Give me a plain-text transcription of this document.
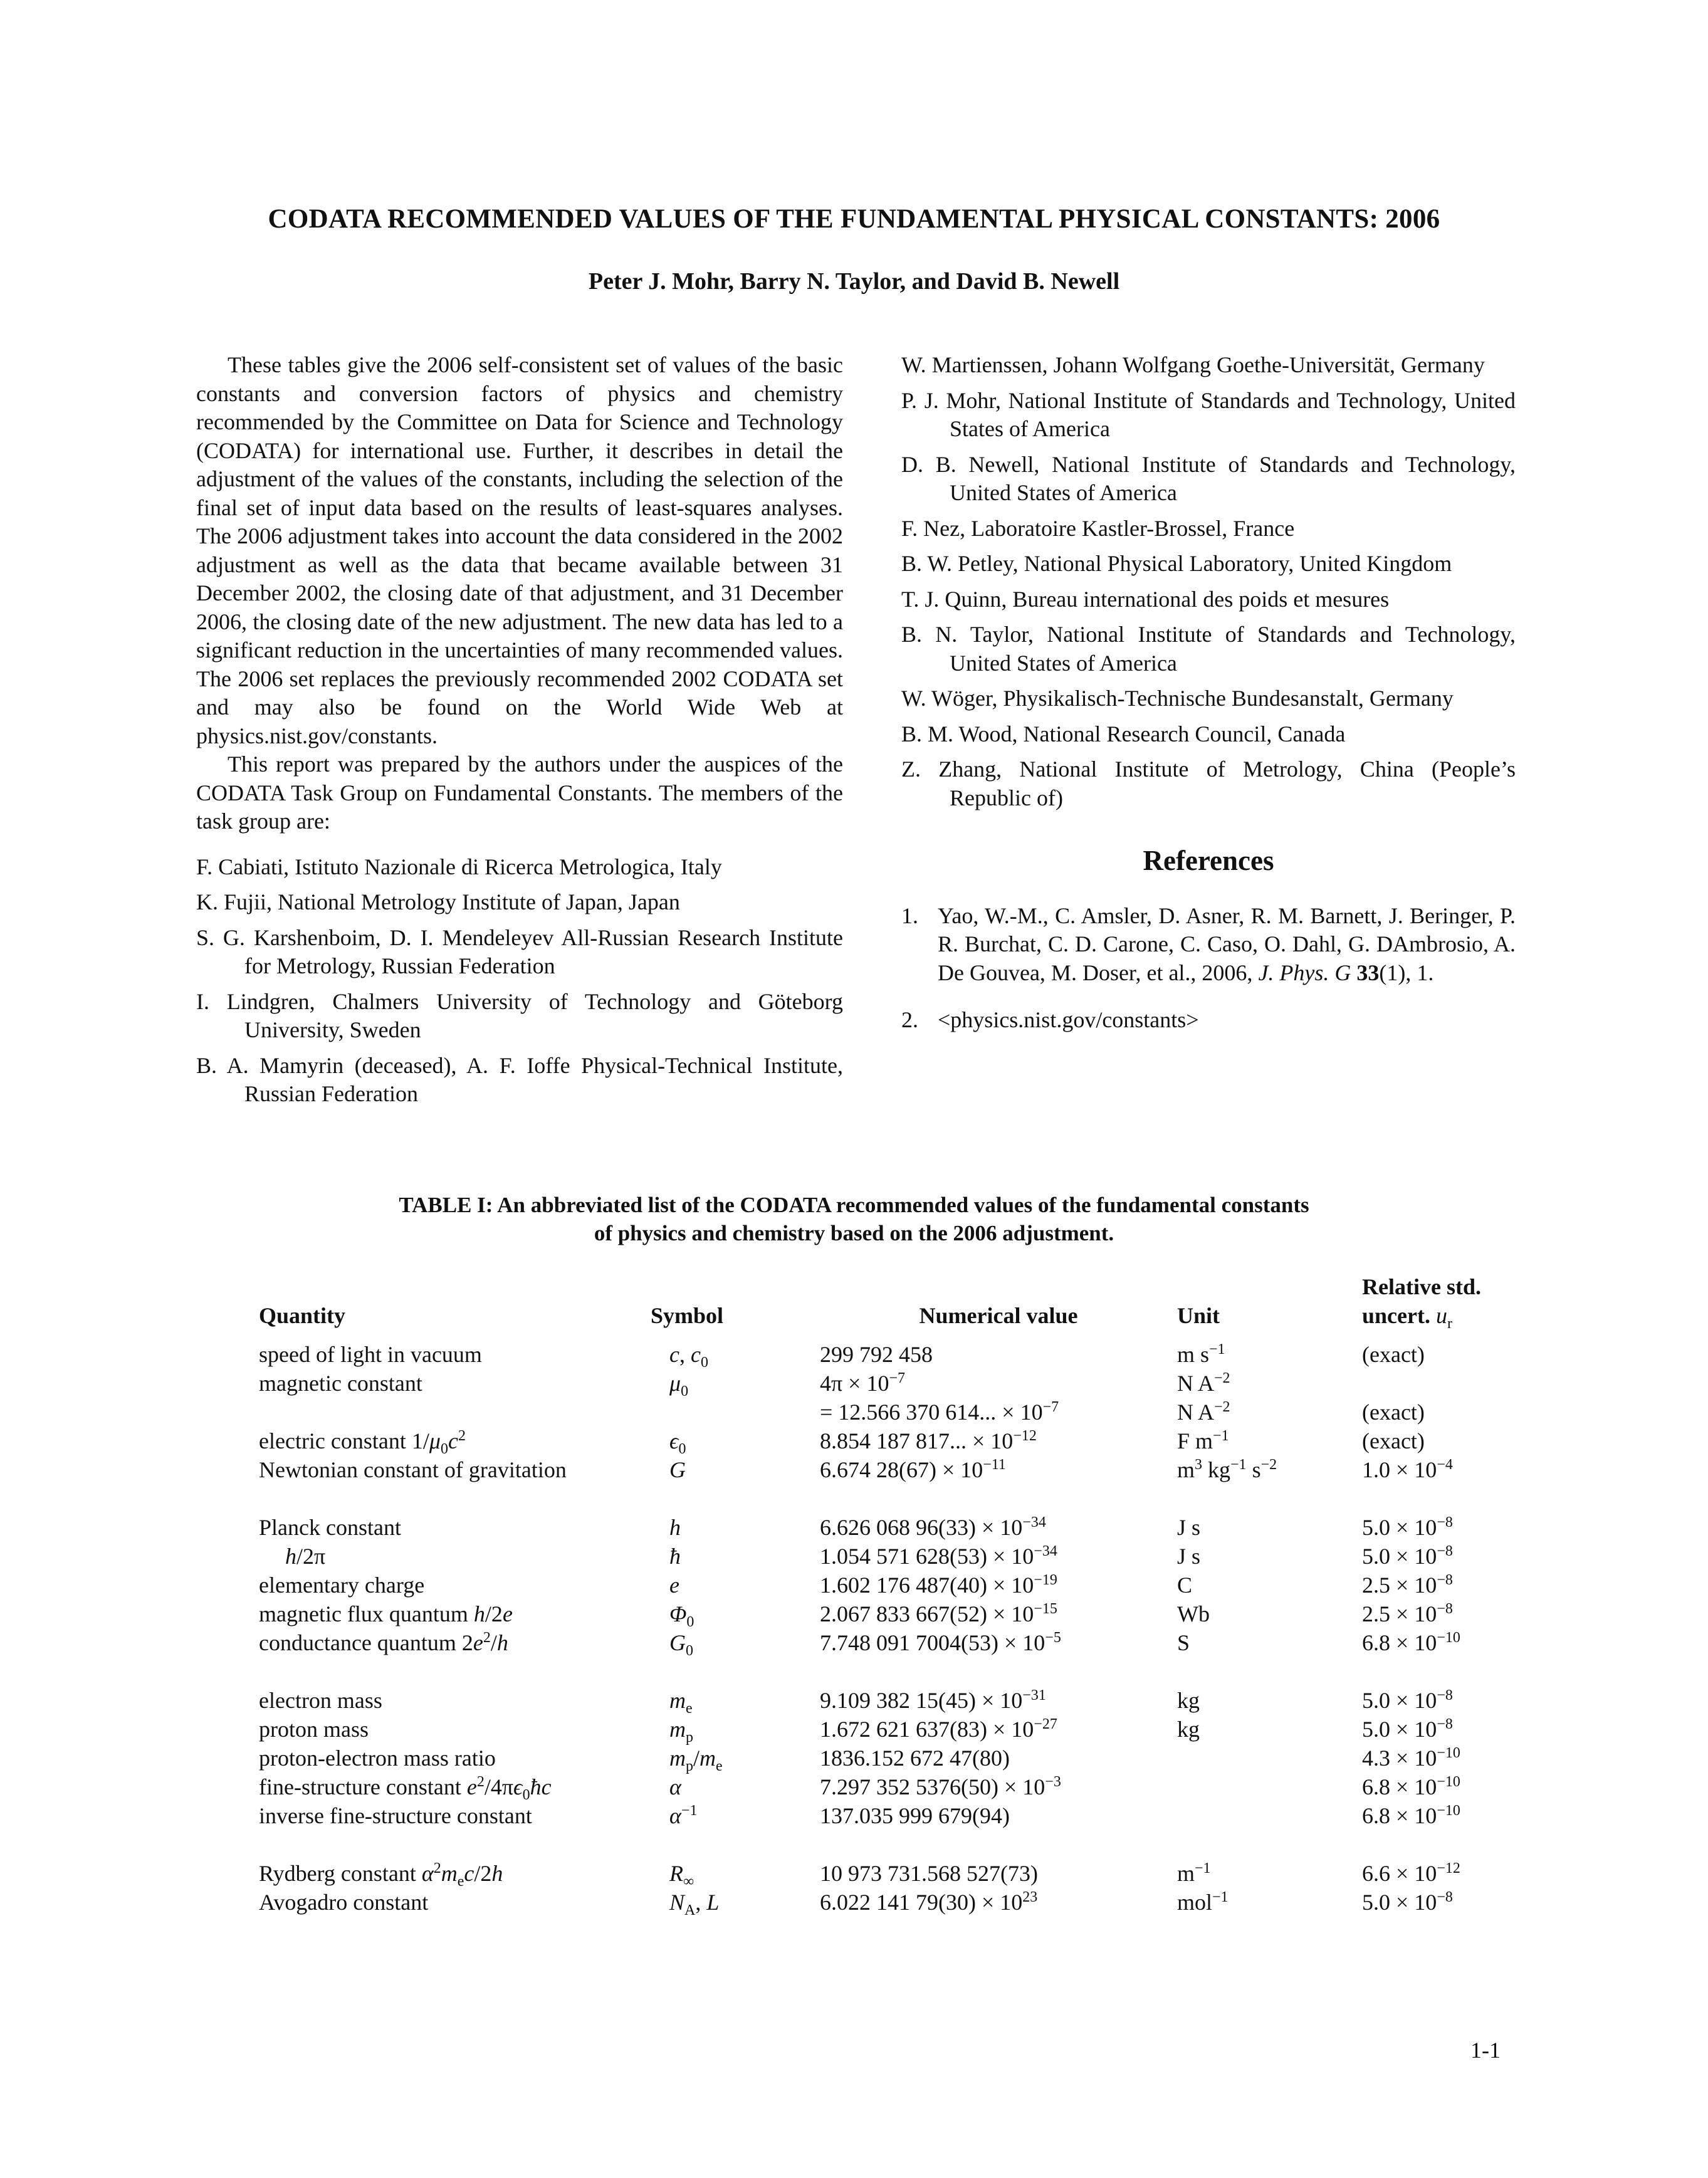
CODATA RECOMMENDED VALUES OF THE FUNDAMENTAL PHYSICAL CONSTANTS: 2006
Peter J. Mohr, Barry N. Taylor, and David B. Newell

These tables give the 2006 self-consistent set of values of the basic constants and conversion factors of physics and chemistry recommended by the Committee on Data for Science and Technology (CODATA) for international use. Further, it describes in detail the adjustment of the values of the constants, including the selection of the final set of input data based on the results of least-squares analyses. The 2006 adjustment takes into account the data considered in the 2002 adjustment as well as the data that became available between 31 December 2002, the closing date of that adjustment, and 31 December 2006, the closing date of the new adjustment. The new data has led to a significant reduction in the uncertainties of many recommended values. The 2006 set replaces the previously recommended 2002 CODATA set and may also be found on the World Wide Web at physics.nist.gov/constants.

This report was prepared by the authors under the auspices of the CODATA Task Group on Fundamental Constants. The members of the task group are:

F. Cabiati, Istituto Nazionale di Ricerca Metrologica, Italy
K. Fujii, National Metrology Institute of Japan, Japan
S. G. Karshenboim, D. I. Mendeleyev All-Russian Research Institute for Metrology, Russian Federation
I. Lindgren, Chalmers University of Technology and Göteborg University, Sweden
B. A. Mamyrin (deceased), A. F. Ioffe Physical-Technical Institute, Russian Federation
W. Martienssen, Johann Wolfgang Goethe-Universität, Germany
P. J. Mohr, National Institute of Standards and Technology, United States of America
D. B. Newell, National Institute of Standards and Technology, United States of America
F. Nez, Laboratoire Kastler-Brossel, France
B. W. Petley, National Physical Laboratory, United Kingdom
T. J. Quinn, Bureau international des poids et mesures
B. N. Taylor, National Institute of Standards and Technology, United States of America
W. Wöger, Physikalisch-Technische Bundesanstalt, Germany
B. M. Wood, National Research Council, Canada
Z. Zhang, National Institute of Metrology, China (People’s Republic of)
References
1. Yao, W.-M., C. Amsler, D. Asner, R. M. Barnett, J. Beringer, P. R. Burchat, C. D. Carone, C. Caso, O. Dahl, G. DAmbrosio, A. De Gouvea, M. Doser, et al., 2006, J. Phys. G 33(1), 1.
2. <physics.nist.gov/constants>
TABLE I: An abbreviated list of the CODATA recommended values of the fundamental constants
of physics and chemistry based on the 2006 adjustment.
Quantity	Symbol	Numerical value	Unit	Relative std.
uncert. $u_r$

speed of light in vacuum	c, $c_0$	299 792 458	m $s^{-1}$	(exact)
magnetic constant	$\mu_0$	$4\pi \times 10^{-7}$	N $A^{-2}$	
		= 12.566 370 614... × $10^{-7}$	N $A^{-2}$	(exact)
electric constant $1/\mu_0c^2$	$\epsilon_0$	8.854 187 817... × $10^{-12}$	F $m^{-1}$	(exact)
Newtonian constant of gravitation	G	6.674 $28(67) \times 10^{-11}$	$m^3$ $kg^{-1}$ $s^{-2}$	$1.0 \times 10^{-4}$
Planck constant	h	6.626 068 $96(33) \times 10^{-34}$	J s	$5.0 \times 10^{-8}$
h/2π	ħ	1.054 571 $628(53) \times 10^{-34}$	J s	$5.0 \times 10^{-8}$
elementary charge	e	1.602 176 $487(40) \times 10^{-19}$	C	$2.5 \times 10^{-8}$
magnetic flux quantum h/2e	$\Phi_0$	2.067 833 $667(52) \times 10^{-15}$	Wb	$2.5 \times 10^{-8}$
conductance quantum $2e^2/h$	$G_0$	7.748 091 $7004(53) \times 10^{-5}$	S	$6.8 \times 10^{-10}$
electron mass	$m_e$	9.109 382 $15(45) \times 10^{-31}$	kg	$5.0 \times 10^{-8}$
proton mass	$m_p$	1.672 621 $637(83) \times 10^{-27}$	kg	$5.0 \times 10^{-8}$
proton-electron mass ratio	$m_p/m_e$	1836.152 672 47(80)		$4.3 \times 10^{-10}$
fine-structure constant $e^2/4\pi\epsilon_0ħc$	α	7.297 352 $5376(50) \times 10^{-3}$		$6.8 \times 10^{-10}$
inverse fine-structure constant	$\alpha^{-1}$	137.035 999 679(94)		$6.8 \times 10^{-10}$
Rydberg constant $\alpha^2m_ec/2h$	$R_\infty$	10 973 731.568 527(73)	$m^{-1}$	$6.6 \times 10^{-12}$
Avogadro constant	$N_A$, L	6.022 141 $79(30) \times 10^{23}$	mol$^{-1}$	$5.0 \times 10^{-8}$
1-1
